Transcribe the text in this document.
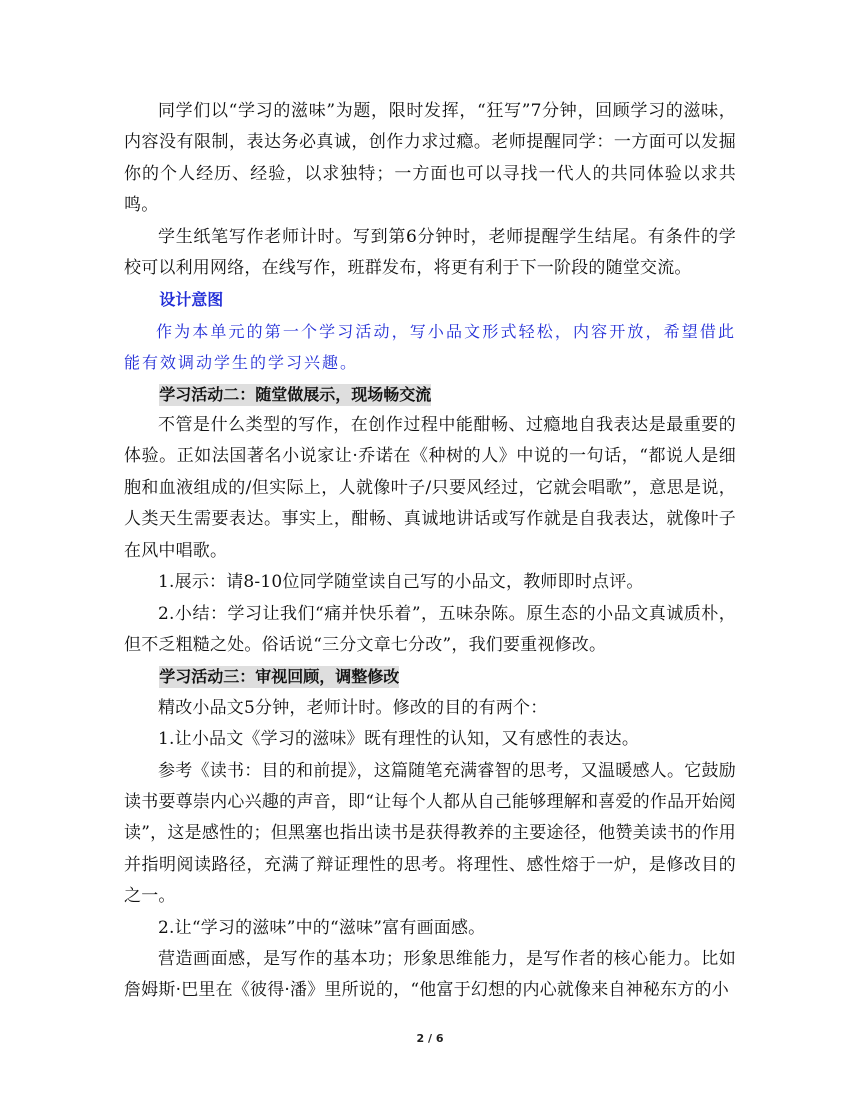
同学们以“学习的滋味”为题，限时发挥，“狂写”7分钟，回顾学习的滋味，内容没有限制，表达务必真诚，创作力求过瘾。老师提醒同学：一方面可以发掘你的个人经历、经验，以求独特；一方面也可以寻找一代人的共同体验以求共鸣。

学生纸笔写作老师计时。写到第6分钟时，老师提醒学生结尾。有条件的学校可以利用网络，在线写作，班群发布，将更有利于下一阶段的随堂交流。

设计意图

作为本单元的第一个学习活动，写小品文形式轻松，内容开放，希望借此能有效调动学生的学习兴趣。

学习活动二：随堂做展示，现场畅交流

不管是什么类型的写作，在创作过程中能酣畅、过瘾地自我表达是最重要的体验。正如法国著名小说家让·乔诺在《种树的人》中说的一句话，“都说人是细胞和血液组成的/但实际上，人就像叶子/只要风经过，它就会唱歌”，意思是说，人类天生需要表达。事实上，酣畅、真诚地讲话或写作就是自我表达，就像叶子在风中唱歌。

1.展示：请8-10位同学随堂读自己写的小品文，教师即时点评。

2.小结：学习让我们“痛并快乐着”，五味杂陈。原生态的小品文真诚质朴，但不乏粗糙之处。俗话说“三分文章七分改”，我们要重视修改。

学习活动三：审视回顾，调整修改

精改小品文5分钟，老师计时。修改的目的有两个：

1.让小品文《学习的滋味》既有理性的认知，又有感性的表达。

参考《读书：目的和前提》，这篇随笔充满睿智的思考，又温暖感人。它鼓励读书要尊崇内心兴趣的声音，即“让每个人都从自己能够理解和喜爱的作品开始阅读”，这是感性的；但黑塞也指出读书是获得教养的主要途径，他赞美读书的作用并指明阅读路径，充满了辩证理性的思考。将理性、感性熔于一炉，是修改目的之一。

2.让“学习的滋味”中的“滋味”富有画面感。

营造画面感，是写作的基本功；形象思维能力，是写作者的核心能力。比如詹姆斯·巴里在《彼得·潘》里所说的，“他富于幻想的内心就像来自神秘东方的小

2 / 6
